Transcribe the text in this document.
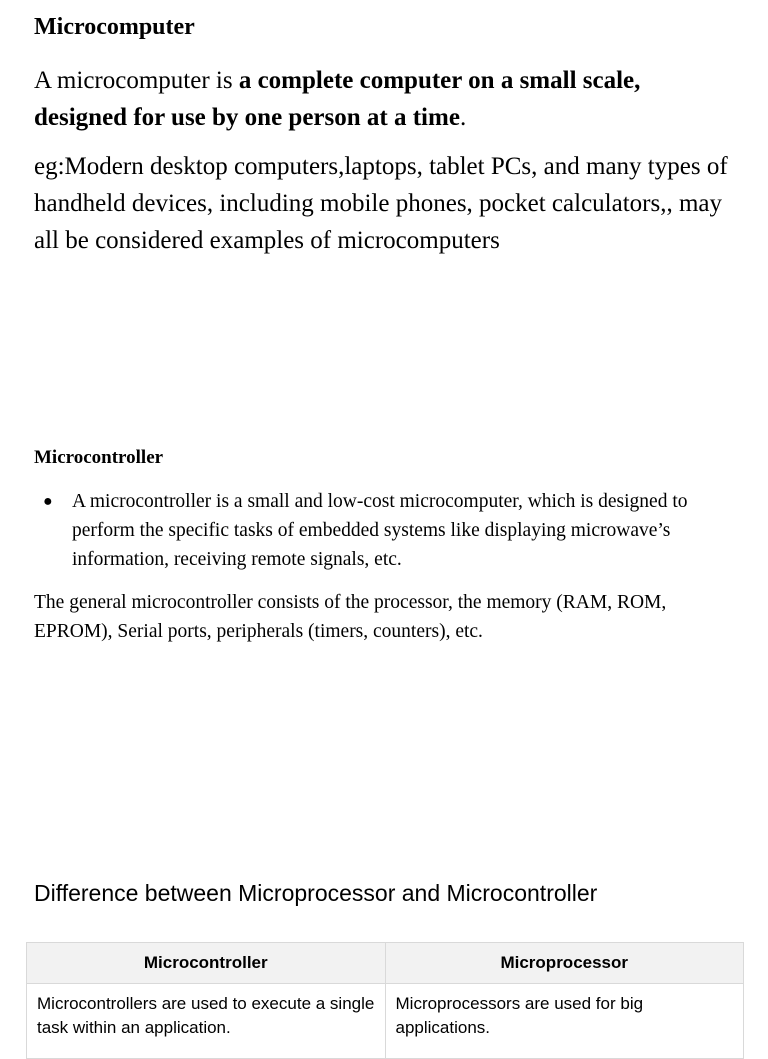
Microcomputer

A microcomputer is a complete computer on a small scale, designed for use by one person at a time.

eg:Modern desktop computers,laptops, tablet PCs, and many types of handheld devices, including mobile phones, pocket calculators,, may all be considered examples of microcomputers

Microcontroller
● A microcontroller is a small and low-cost microcomputer, which is designed to perform the specific tasks of embedded systems like displaying microwave’s information, receiving remote signals, etc.

The general microcontroller consists of the processor, the memory (RAM, ROM, EPROM), Serial ports, peripherals (timers, counters), etc.

Difference between Microprocessor and Microcontroller
Microcontroller	Microprocessor
Microcontrollers are used to execute a single task within an application.	Microprocessors are used for big applications.
